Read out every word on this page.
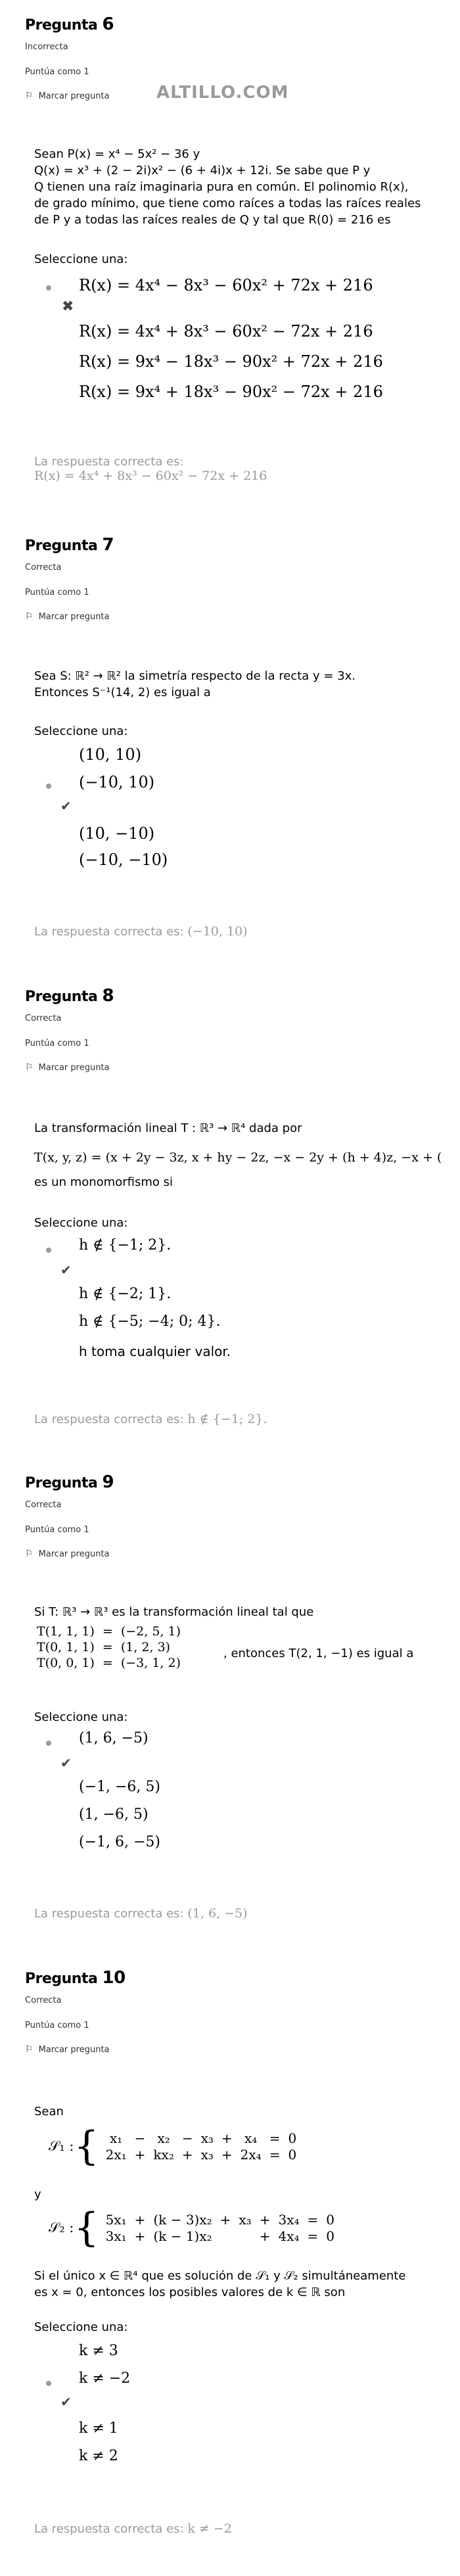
Pregunta 6
Incorrecta
Puntúa como 1
⚐ Marcar pregunta	ALTILLO.COM
Sean P(x) = x⁴ − 5x² − 36 y
Q(x) = x³ + (2 − 2i)x² − (6 + 4i)x + 12i. Se sabe que P y
Q tienen una raíz imaginaria pura en común. El polinomio R(x),
de grado mínimo, que tiene como raíces a todas las raíces reales
de P y a todas las raíces reales de Q y tal que R(0) = 216 es
Seleccione una:
✖
R(x) = 4x⁴ − 8x³ − 60x² + 72x + 216
R(x) = 4x⁴ + 8x³ − 60x² − 72x + 216
R(x) = 9x⁴ − 18x³ − 90x² + 72x + 216
R(x) = 9x⁴ + 18x³ − 90x² − 72x + 216
La respuesta correcta es:
R(x) = 4x⁴ + 8x³ − 60x² − 72x + 216
Pregunta 7
Correcta
Puntúa como 1
⚐ Marcar pregunta
Sea S: ℝ² → ℝ² la simetría respecto de la recta y = 3x.
Entonces S⁻¹(14, 2) es igual a
Seleccione una:
(10, 10)
(−10, 10)
✔
(10, −10)
(−10, −10)
La respuesta correcta es: (−10, 10)
Pregunta 8
Correcta
Puntúa como 1
⚐ Marcar pregunta
La transformación lineal T : ℝ³ → ℝ⁴ dada por
T(x, y, z) = (x + 2y − 3z, x + hy − 2z, −x − 2y + (h + 4)z, −x + (
es un monomorfismo si
Seleccione una:
h ∉ {−1; 2}.
✔
h ∉ {−2; 1}.
h ∉ {−5; −4; 0; 4}.
h toma cualquier valor.
La respuesta correcta es: h ∉ {−1; 2}.
Pregunta 9
Correcta
Puntúa como 1
⚐ Marcar pregunta
Si T: ℝ³ → ℝ³ es la transformación lineal tal que
T(1, 1, 1)	=	(−2, 5, 1)	
T(0, 1, 1)	=	(1, 2, 3)	
T(0, 0, 1)	=	(−3, 1, 2)	
, entonces T(2, 1, −1) es igual a
Seleccione una:
(1, 6, −5)
✔
(−1, −6, 5)
(1, −6, 5)
(−1, 6, −5)
La respuesta correcta es: (1, 6, −5)
Pregunta 10
Correcta
Puntúa como 1
⚐ Marcar pregunta
Sean
𝒮₁ :	{	x₁	−	x₂	−	x₃	+	x₄	=	0
		2x₁	+	kx₂	+	x₃	+	2x₄	=	0
y
𝒮₂ :	{	5x₁	+	(k − 3)x₂	+	x₃	+	3x₄	=	0
		3x₁	+	(k − 1)x₂			+	4x₄	=	0
Si el único x ∈ ℝ⁴ que es solución de 𝒮₁ y 𝒮₂ simultáneamente
es x = 0, entonces los posibles valores de k ∈ ℝ son
Seleccione una:
k ≠ 3
k ≠ −2
✔
k ≠ 1
k ≠ 2
La respuesta correcta es: k ≠ −2
